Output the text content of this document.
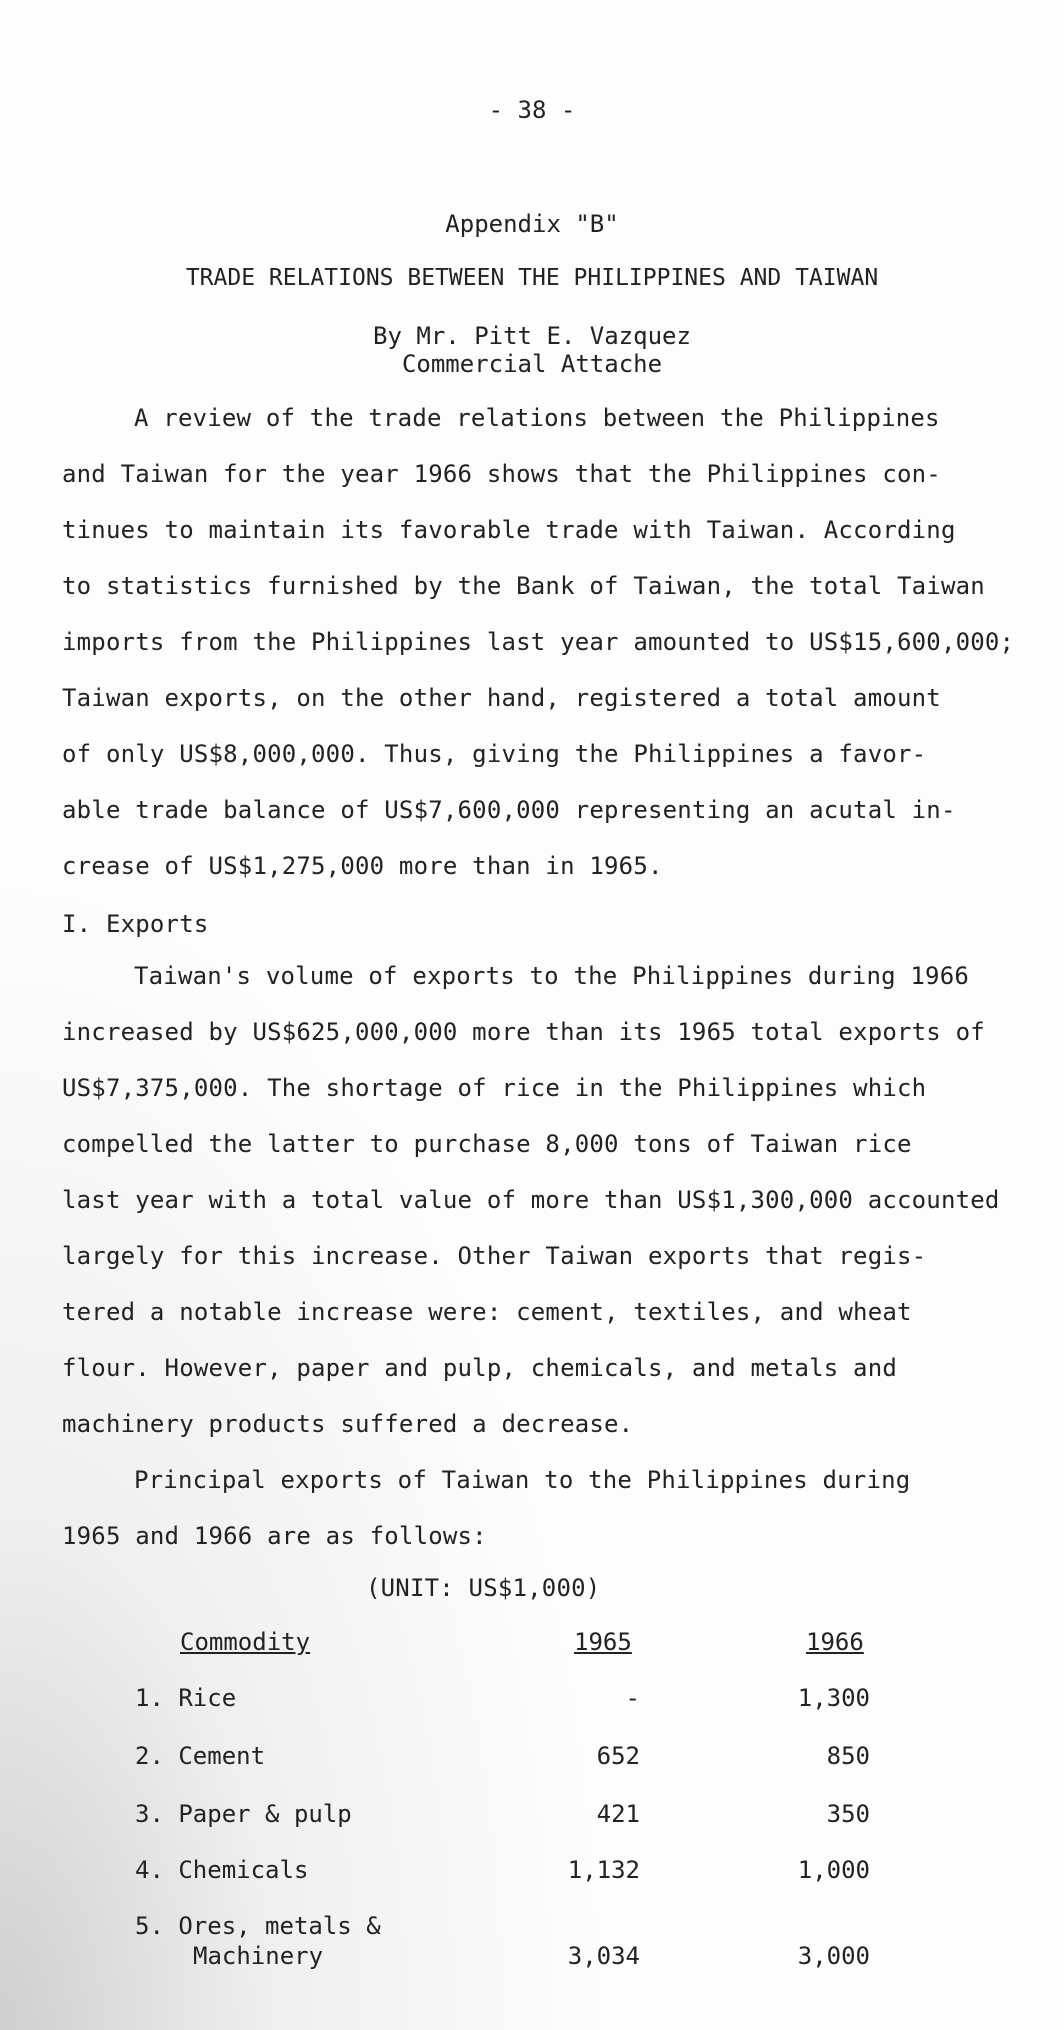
- 38 -
Appendix "B"
TRADE RELATIONS BETWEEN THE PHILIPPINES AND TAIWAN
By Mr. Pitt E. Vazquez
Commercial Attache
A review of the trade relations between the Philippines
and Taiwan for the year 1966 shows that the Philippines con-
tinues to maintain its favorable trade with Taiwan. According
to statistics furnished by the Bank of Taiwan, the total Taiwan
imports from the Philippines last year amounted to US$15,600,000;
Taiwan exports, on the other hand, registered a total amount
of only US$8,000,000. Thus, giving the Philippines a favor-
able trade balance of US$7,600,000 representing an acutal in-
crease of US$1,275,000 more than in 1965.
I. Exports
Taiwan's volume of exports to the Philippines during 1966
increased by US$625,000,000 more than its 1965 total exports of
US$7,375,000. The shortage of rice in the Philippines which
compelled the latter to purchase 8,000 tons of Taiwan rice
last year with a total value of more than US$1,300,000 accounted
largely for this increase. Other Taiwan exports that regis-
tered a notable increase were: cement, textiles, and wheat
flour. However, paper and pulp, chemicals, and metals and
machinery products suffered a decrease.
Principal exports of Taiwan to the Philippines during
1965 and 1966 are as follows:
(UNIT: US$1,000)
Commodity	1965	1966
1. Rice	-	1,300
2. Cement	652	850
3. Paper & pulp	421	350
4. Chemicals	1,132	1,000
5. Ores, metals &
Machinery	3,034	3,000
